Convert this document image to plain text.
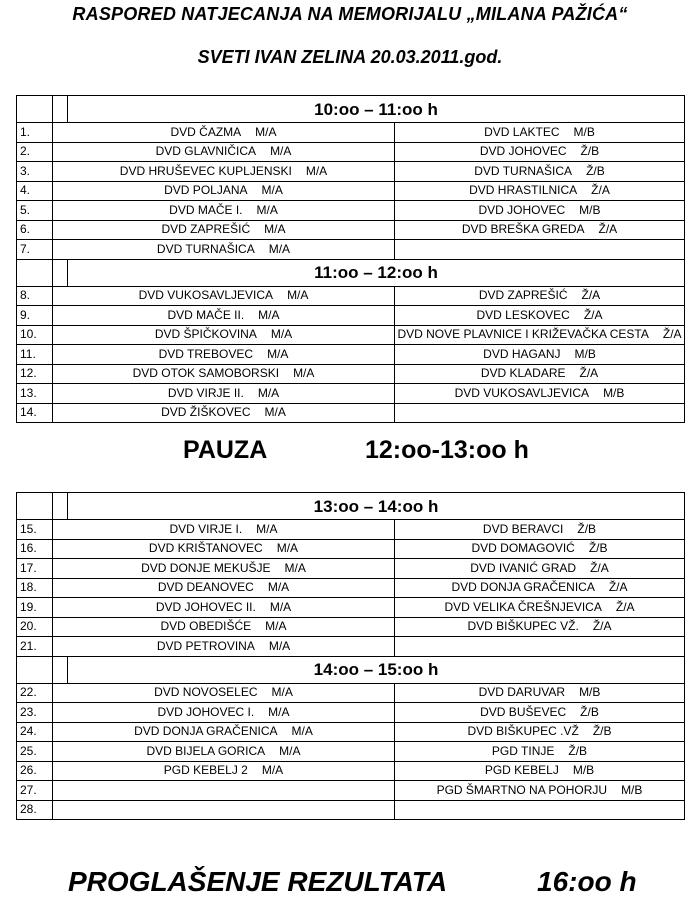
RASPORED NATJECANJA NA MEMORIJALU „MILANA PAŽIĆA“
SVETI IVAN ZELINA 20.03.2011.god.
		10:oo – 11:oo h	
1.	DVD ČAZMA M/A		DVD LAKTEC M/B
2.	DVD GLAVNIČICA M/A		DVD JOHOVEC Ž/B
3.	DVD HRUŠEVEC KUPLJENSKI M/A		DVD TURNAŠICA Ž/B
4.	DVD POLJANA M/A		DVD HRASTILNICA Ž/A
5.	DVD MAČE I. M/A		DVD JOHOVEC M/B
6.	DVD ZAPREŠIĆ M/A		DVD BREŠKA GREDA Ž/A
7.	DVD TURNAŠICA M/A		
		11:oo – 12:oo h	
8.	DVD VUKOSAVLJEVICA M/A		DVD ZAPREŠIĆ Ž/A
9.	DVD MAČE II. M/A		DVD LESKOVEC Ž/A
10.	DVD ŠPIČKOVINA M/A		DVD NOVE PLAVNICE I KRIŽEVAČKA CESTA Ž/A
11.	DVD TREBOVEC M/A		DVD HAGANJ M/B
12.	DVD OTOK SAMOBORSKI M/A		DVD KLADARE Ž/A
13.	DVD VIRJE II. M/A		DVD VUKOSAVLJEVICA M/B
14.	DVD ŽIŠKOVEC M/A		
PAUZA	12:oo-13:oo h
		13:oo – 14:oo h	
15.	DVD VIRJE I. M/A		DVD BERAVCI Ž/B
16.	DVD KRIŠTANOVEC M/A		DVD DOMAGOVIĆ Ž/B
17.	DVD DONJE MEKUŠJE M/A		DVD IVANIĆ GRAD Ž/A
18.	DVD DEANOVEC M/A		DVD DONJA GRAČENICA Ž/A
19.	DVD JOHOVEC II. M/A		DVD VELIKA ČREŠNJEVICA Ž/A
20.	DVD OBEDIŠĆE M/A		DVD BIŠKUPEC VŽ. Ž/A
21.	DVD PETROVINA M/A		
		14:oo – 15:oo h	
22.	DVD NOVOSELEC M/A		DVD DARUVAR M/B
23.	DVD JOHOVEC I. M/A		DVD BUŠEVEC Ž/B
24.	DVD DONJA GRAČENICA M/A		DVD BIŠKUPEC .VŽ Ž/B
25.	DVD BIJELA GORICA M/A		PGD TINJE Ž/B
26.	PGD KEBELJ 2 M/A		PGD KEBELJ M/B
27.			PGD ŠMARTNO NA POHORJU M/B
28.			
PROGLAŠENJE REZULTATA	16:oo h
